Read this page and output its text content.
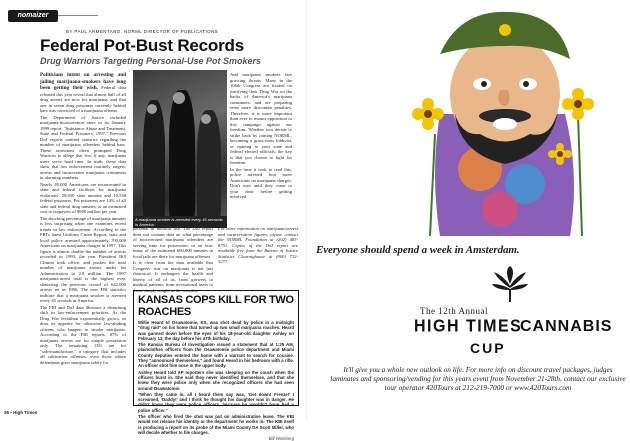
nomaizer
BY PAUL ARMENTANO, NORML DIRECTOR OF PUBLICATIONS
Federal Pot-Bust Records
Drug Warriors Targeting Personal-Use Pot Smokers

Politicians intent on arresting and jailing marijuana-smokers have long been getting their wish. Federal data released this year reveal that almost half of all drug arrests are now for marijuana, and that one in seven drug prisoners currently behind bars was convicted of a marijuana offense.

The Department of Justice included marijuana-incarceration rates in its January 1999 report: "Substance Abuse and Treatment, State and Federal Prisoners, 1997." Previous DoJ reports omitted statistics regarding the number of marijuana offenders behind bars. These omissions often prompted Drug Warriors to allege that few, if any, marijuana users serve hard time. In truth, these data show that law enforcement routinely targets, arrests and incarcerates marijuana consumers in alarming numbers.

Nearly 40,000 Americans are incarcerated in state and federal facilities for marijuana violations: 28,650 state inmates and 10,538 federal prisoners. Pot prisoners are 14% of all state and federal drug inmates, at an estimated cost to taxpayers of $900 million per year.

The shocking percentage of marijuana inmates is less surprising when one examines recent trends in law enforcement. According to the FBI's latest Uniform Crime Report, state and local police arrested approximately 700,000 Americans on marijuana charges in 1997. This figure is almost double the number of arrests recorded in 1993, the year President Bill Clinton took office, and pushes the total number of marijuana arrests under his Administration to 2.8 million. The 1997 marijuana-arrest total is the highest ever, shattering the previous record of 642,000 arrests set in 1996. The new FBI statistics indicate that a marijuana smoker is arrested every 45 seconds in America.

The FBI and DoJ data illustrate a disturbing shift in law-enforcement priorities. As the Drug War leviathan exponentially grows, so does its appetite for otherwise law-abiding citizens who happen to smoke marijuana. According to the FBI reports, 87% of marijuana arrests are for simple possession only. The remaining 13% are for "sale/manufacture," a category that includes all cultivation offenses, even those where defendants grew marijuana solely for

A marijuana smoker is arrested every 45 seconds in America.

And marijuana smokers fare growing threats. Many in the 106th Congress are fixated on justifying their Drug War on the backs of America's marijuana consumers, and are preparing even more draconian penalties. Therefore, it is more important than ever to mount opposition to this campaign against our freedom. Whether you decide to strike back by joining NORML, becoming a grass-roots lobbyist, or opining to your state and federal elected officials, the key is that you choose to fight for freedom.

In the time it took to read this, police arrested four more Americans on marijuana charges. Don't wait until they come to your door before getting involved.

personal or medical use. The DoJ report does not contain data on what percentage of incarcerated marijuana offenders are serving time for possession, or on how many of the estimated 600,000 inmates in local jails are there for marijuana offenses.

It is clear from the data available that Congress' war on marijuana is not just rhetorical. It endangers the health and liberty of all of us, from growers to medical patients, from recreational users to those simply caught in the crossfire.

For more information on marijuana-arrest and incarceration figures, please contact the NORML Foundation at (202) 483-8751. Copies of the DoJ report are available free from the Bureau of Justice Statistics Clearinghouse at (800) 732-3277.

KANSAS COPS KILL FOR TWO ROACHES

Willie Heard of Osawatomie, KS, was shot dead by police in a midnight "drug raid" on his home that turned up two small marijuana roaches. Heard was gunned down before the eyes of his 18-year-old daughter Ashley on February 13, the day before his 47th birthday.

The Kansas Bureau of Investigation issued a statement that at 1:25 AM, plainclothes officers from the Osawatomie police department and Miami County deputies entered the home with a warrant to search for cocaine. They "announced themselves," and found Heard in his bedroom with a rifle. An officer shot him once in the upper body.

Ashley Heard told AP reporters she was sleeping on the couch when the officers burst in. She said they never identified themselves, and that she knew they were police only when she recognized officers she had seen around Osawatomie.

"When they came in, all I heard them say was, 'Get down! Freeze!' I screamed, 'Daddy!' and I think he thought his daughter was in danger. He didn't know they were police officers, because he wouldn't have had a police officer."

The officer who fired the shot was put on administrative leave. The KBI would not release his identity or the department he works in. The KBI itself is producing a report on its probe of the Miami County DA Scott Miller, who will decide whether to file charges.

-Bill Weinberg
36 • High Times
Everyone should spend a week in Amsterdam.
The 12th Annual
HIGH TIMES
CANNABIS
CUP
It'll give you a whole new outlook on life. For more info on discount travel packages, judges laminates and sponsoring/vending for this years event from November 21-28th, contact our exclusive tour operator 420Tours at 212-219-7000 or www.420Tours.com
